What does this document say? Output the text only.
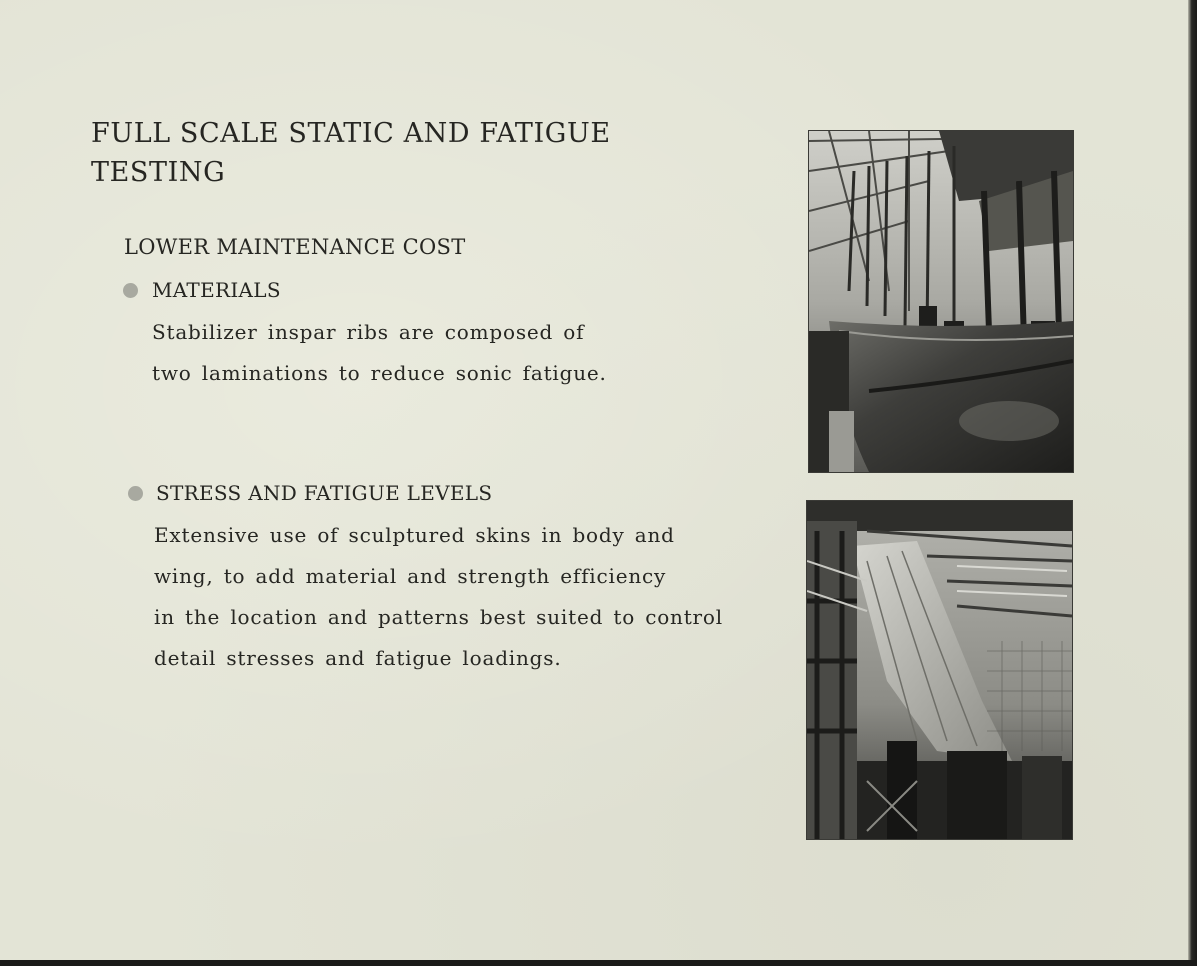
FULL SCALE STATIC AND FATIGUE
TESTING
LOWER MAINTENANCE COST
MATERIALS
Stabilizer inspar ribs are composed of
two laminations to reduce sonic fatigue.
STRESS AND FATIGUE LEVELS
Extensive use of sculptured skins in body and
wing, to add material and strength efficiency
in the location and patterns best suited to control
detail stresses and fatigue loadings.
